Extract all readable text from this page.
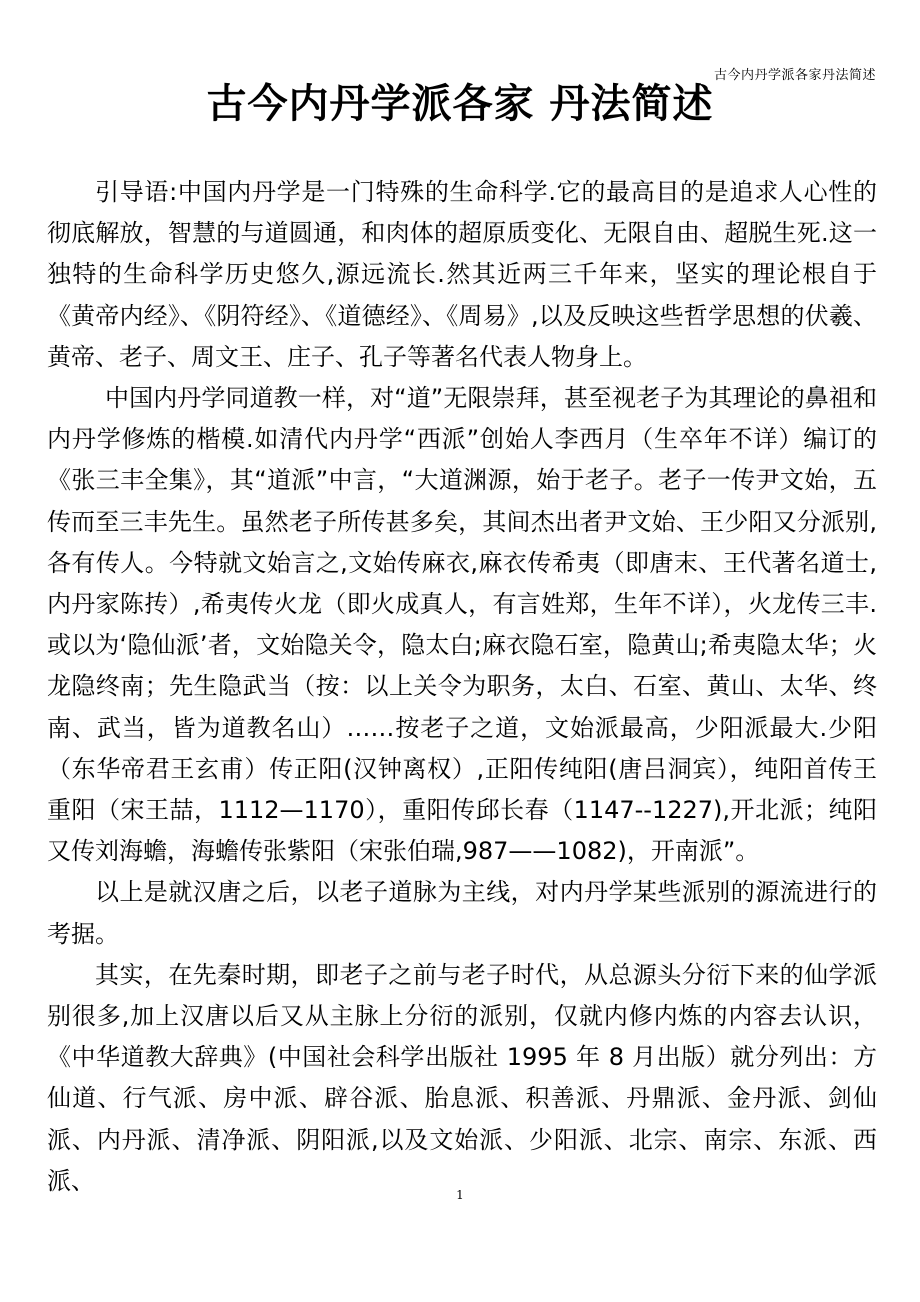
古今内丹学派各家丹法简述
古今内丹学派各家 丹法简述

引导语:中国内丹学是一门特殊的生命科学.它的最高目的是追求人心性的彻底解放，智慧的与道圆通，和肉体的超原质变化、无限自由、超脱生死.这一独特的生命科学历史悠久,源远流长.然其近两三千年来，坚实的理论根自于《黄帝内经》、《阴符经》、《道德经》、《周易》,以及反映这些哲学思想的伏羲、黄帝、老子、周文王、庄子、孔子等著名代表人物身上。

中国内丹学同道教一样，对“道”无限崇拜，甚至视老子为其理论的鼻祖和内丹学修炼的楷模.如清代内丹学“西派”创始人李西月（生卒年不详）编订的《张三丰全集》，其“道派”中言，“大道渊源，始于老子。老子一传尹文始，五传而至三丰先生。虽然老子所传甚多矣，其间杰出者尹文始、王少阳又分派别,各有传人。今特就文始言之,文始传麻衣,麻衣传希夷（即唐末、王代著名道士,内丹家陈抟）,希夷传火龙（即火成真人，有言姓郑，生年不详），火龙传三丰.或以为‘隐仙派’者，文始隐关令，隐太白;麻衣隐石室，隐黄山;希夷隐太华；火龙隐终南；先生隐武当（按：以上关令为职务，太白、石室、黄山、太华、终南、武当，皆为道教名山）……按老子之道，文始派最高，少阳派最大.少阳（东华帝君王玄甫）传正阳(汉钟离权）,正阳传纯阳(唐吕洞宾），纯阳首传王重阳（宋王喆，1112—1170），重阳传邱长春（1147--1227),开北派；纯阳又传刘海蟾，海蟾传张紫阳（宋张伯瑞,987——1082)，开南派”。

以上是就汉唐之后，以老子道脉为主线，对内丹学某些派别的源流进行的考据。

其实，在先秦时期，即老子之前与老子时代，从总源头分衍下来的仙学派别很多,加上汉唐以后又从主脉上分衍的派别，仅就内修内炼的内容去认识，《中华道教大辞典》(中国社会科学出版社 1995 年 8 月出版）就分列出：方仙道、行气派、房中派、辟谷派、胎息派、积善派、丹鼎派、金丹派、剑仙派、内丹派、清净派、阴阳派,以及文始派、少阳派、北宗、南宗、东派、西派、

1
